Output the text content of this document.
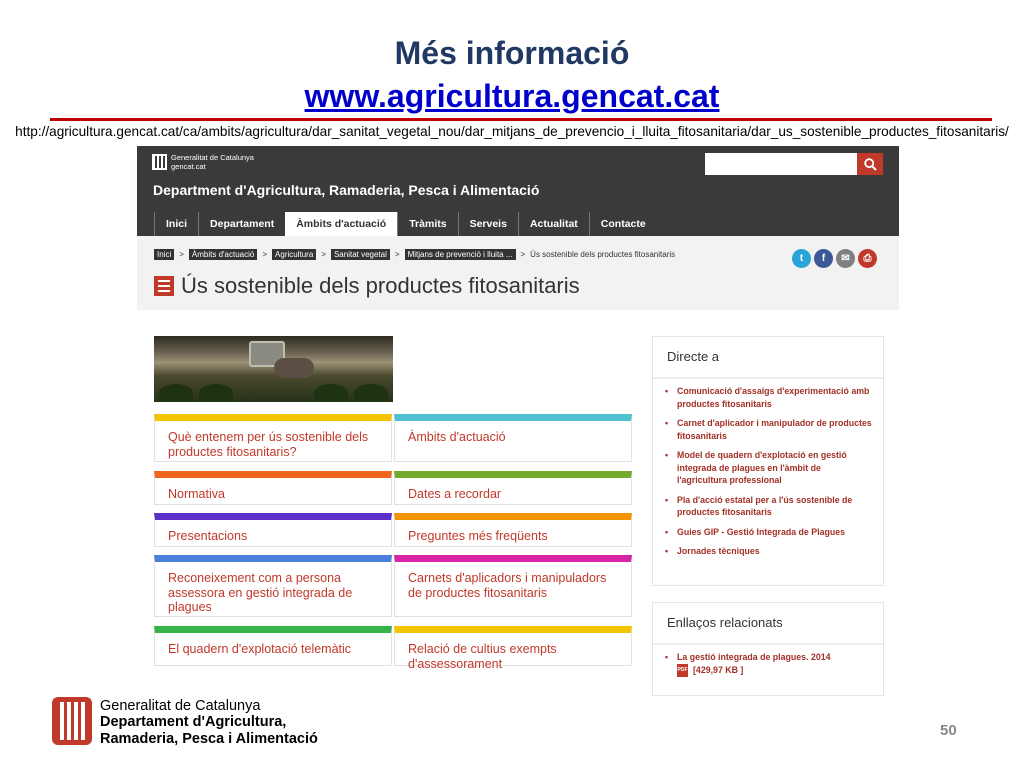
Més informació
www.agricultura.gencat.cat
http://agricultura.gencat.cat/ca/ambits/agricultura/dar_sanitat_vegetal_nou/dar_mitjans_de_prevencio_i_lluita_fitosanitaria/dar_us_sostenible_productes_fitosanitaris/
Generalitat de Catalunya
gencat.cat
Department d'Agricultura, Ramaderia, Pesca i Alimentació
Inici	Departament	Àmbits d'actuació	Tràmits	Serveis	Actualitat	Contacte
Inici	>	Àmbits d'actuació	>	Agricultura	>	Sanitat vegetal	>	Mitjans de prevenció i lluita ...	> Ús sostenible dels productes fitosanitaris	t	f	✉	⎙
Ús sostenible dels productes fitosanitaris
Què entenem per ús sostenible dels productes fitosanitaris?
Àmbits d'actuació
Normativa	Dates a recordar
Presentacions	Preguntes més freqüents
Reconeixement com a persona assessora en gestió integrada de plagues
Carnets d'aplicadors i manipuladors de productes fitosanitaris
El quadern d'explotació telemàtic	Relació de cultius exempts d'assessorament
Directe a
• Comunicació d'assaigs d'experimentació amb productes fitosanitaris
• Carnet d'aplicador i manipulador de productes fitosanitaris
• Model de quadern d'explotació en gestió integrada de plagues en l'àmbit de l'agricultura professional
• Pla d'acció estatal per a l'ús sostenible de productes fitosanitaris
• Guies GIP - Gestió Integrada de Plagues
• Jornades tècniques
Enllaços relacionats
• La gestió integrada de plagues. 2014
PDF [429,97 KB ]
Generalitat de Catalunya
Departament d'Agricultura,
Ramaderia, Pesca i Alimentació	50
